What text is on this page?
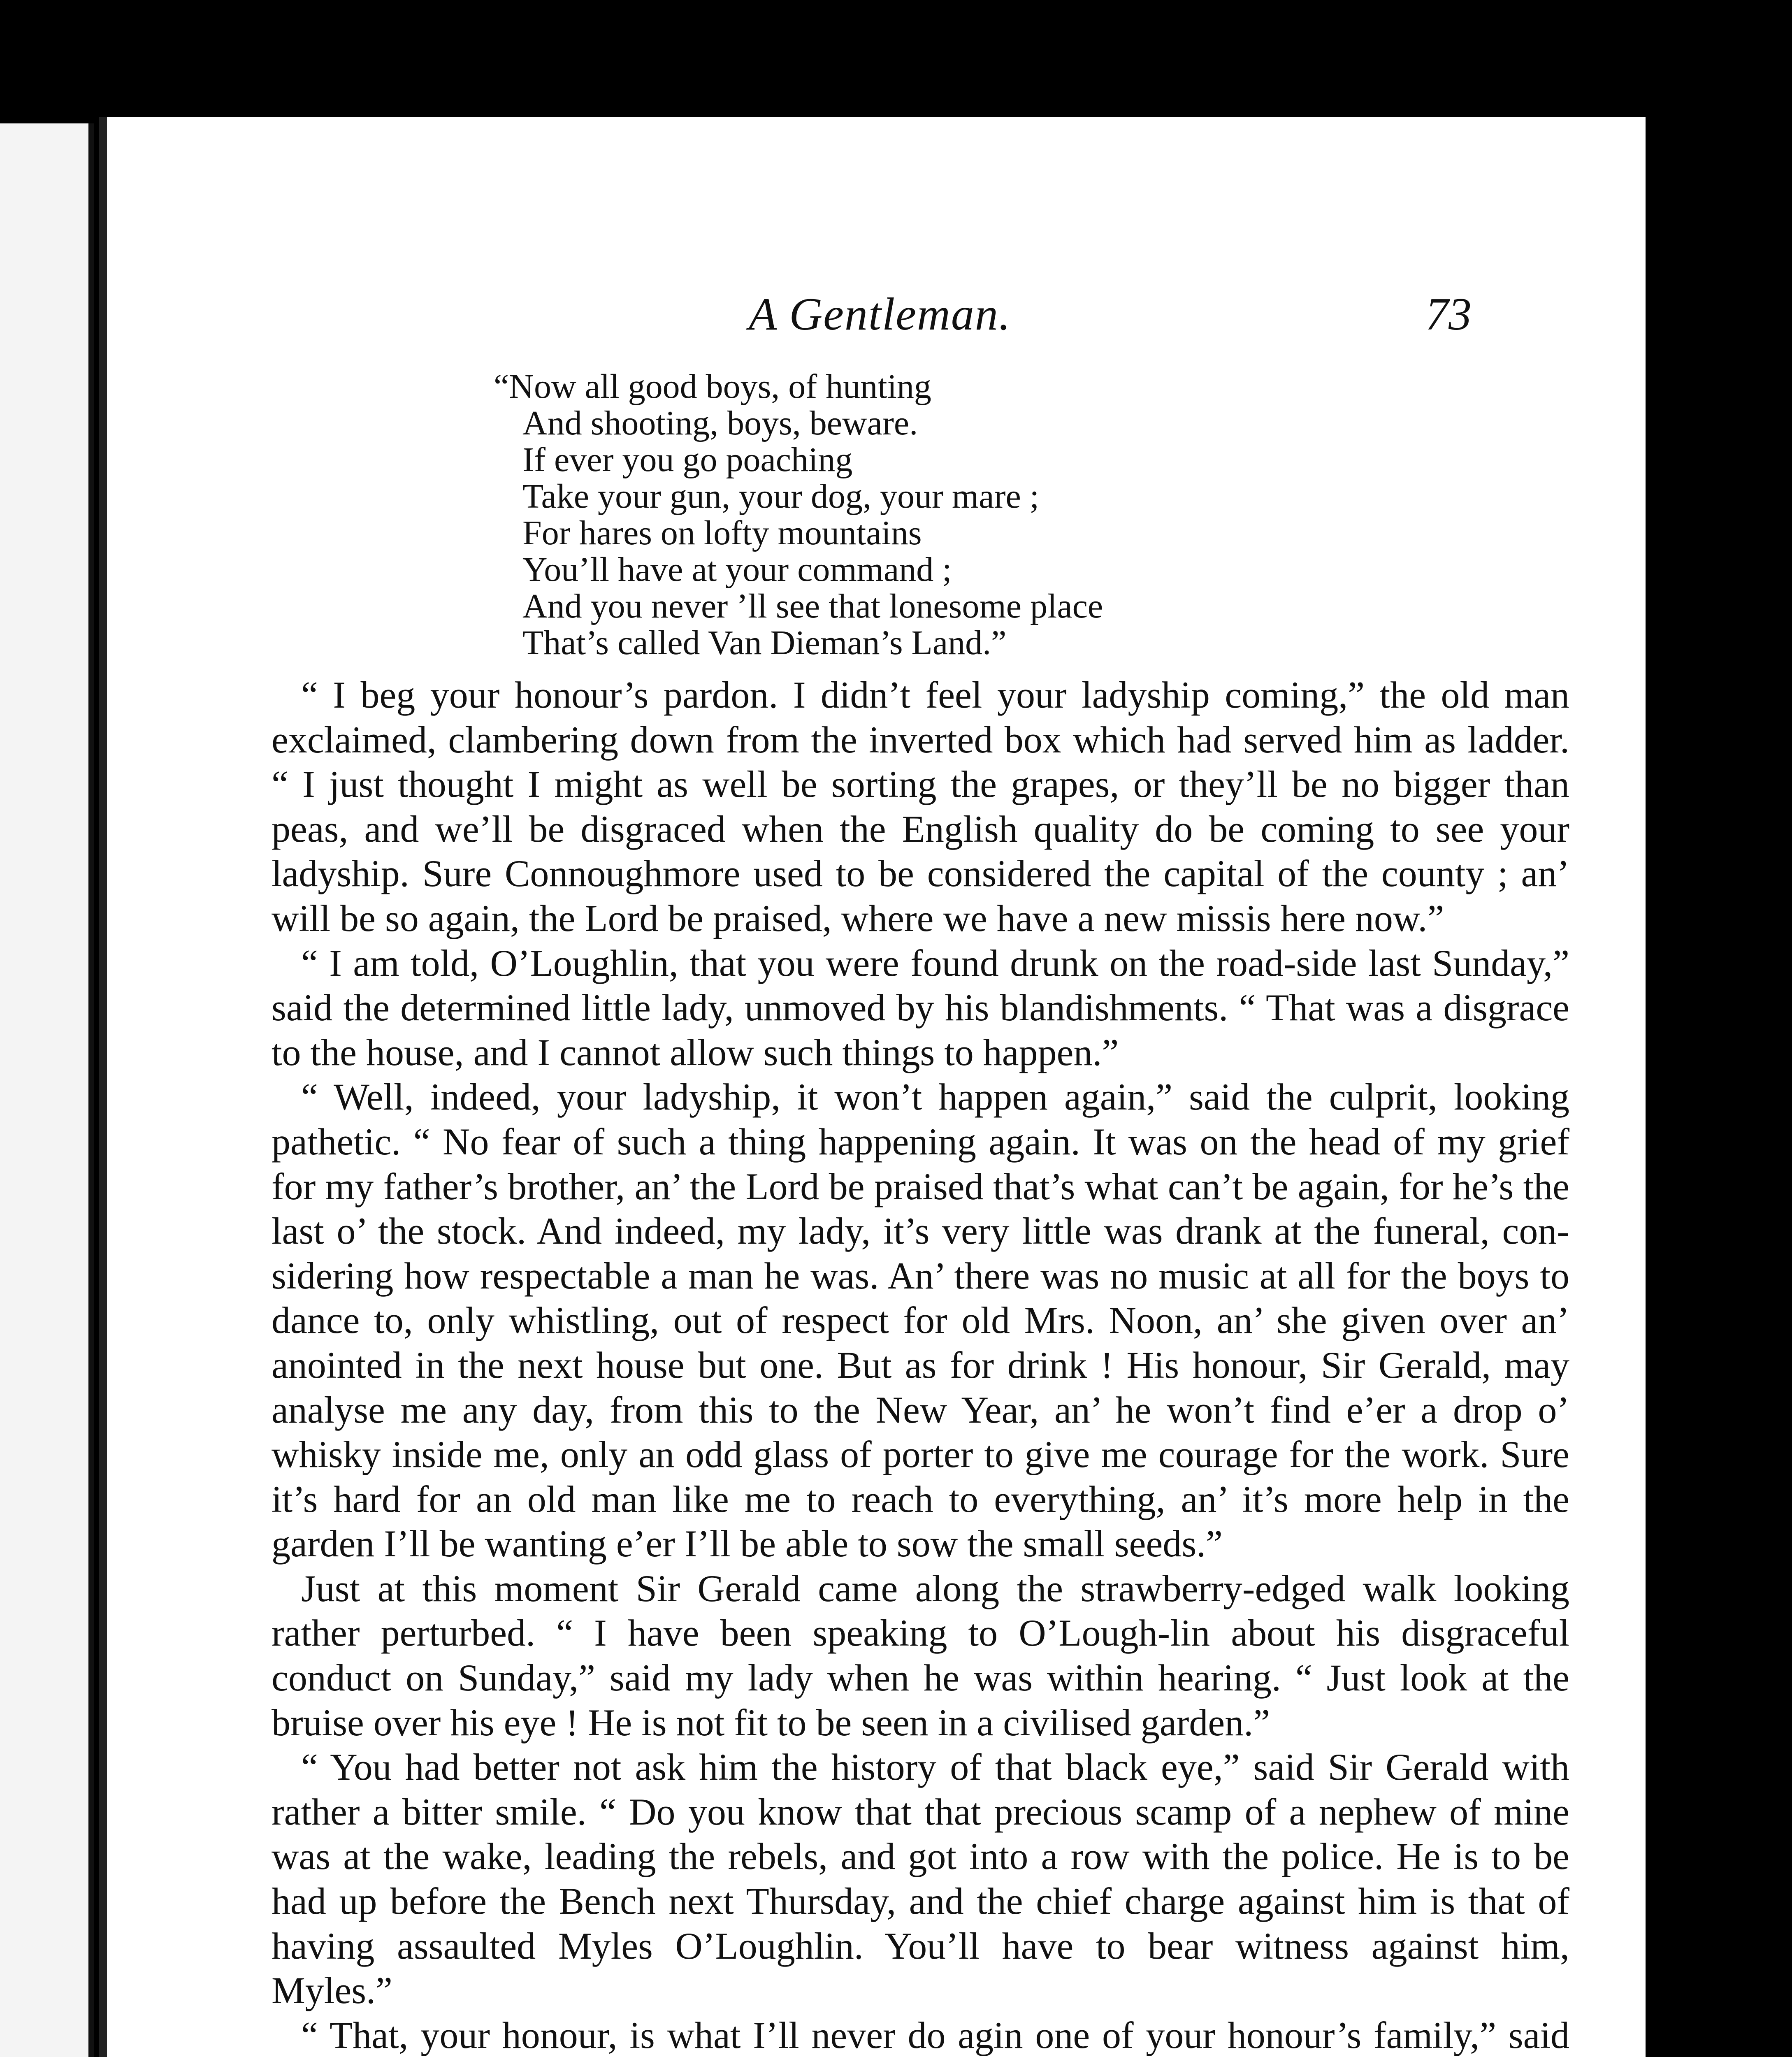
A Gentleman.	73
“Now all good boys, of hunting
And shooting, boys, beware.
If ever you go poaching
Take your gun, your dog, your mare ;
For hares on lofty mountains
You’ll have at your command ;
And you never ’ll see that lonesome place
That’s called Van Dieman’s Land.”

“ I beg your honour’s pardon. I didn’t feel your ladyship coming,” the old man exclaimed, clambering down from the inverted box which had served him as ladder. “ I just thought I might as well be sorting the grapes, or they’ll be no bigger than peas, and we’ll be disgraced when the English quality do be coming to see your ladyship. Sure Connoughmore used to be considered the capital of the county ; an’ will be so again, the Lord be praised, where we have a new missis here now.”

“ I am told, O’Loughlin, that you were found drunk on the road-side last Sunday,” said the determined little lady, unmoved by his blandishments. “ That was a disgrace to the house, and I cannot allow such things to happen.”

“ Well, indeed, your ladyship, it won’t happen again,” said the culprit, looking pathetic. “ No fear of such a thing happening again. It was on the head of my grief for my father’s brother, an’ the Lord be praised that’s what can’t be again, for he’s the last o’ the stock. And indeed, my lady, it’s very little was drank at the funeral, con-sidering how respectable a man he was. An’ there was no music at all for the boys to dance to, only whistling, out of respect for old Mrs. Noon, an’ she given over an’ anointed in the next house but one. But as for drink ! His honour, Sir Gerald, may analyse me any day, from this to the New Year, an’ he won’t find e’er a drop o’ whisky inside me, only an odd glass of porter to give me courage for the work. Sure it’s hard for an old man like me to reach to everything, an’ it’s more help in the garden I’ll be wanting e’er I’ll be able to sow the small seeds.”

Just at this moment Sir Gerald came along the strawberry-edged walk looking rather perturbed. “ I have been speaking to O’Lough-lin about his disgraceful conduct on Sunday,” said my lady when he was within hearing. “ Just look at the bruise over his eye ! He is not fit to be seen in a civilised garden.”

“ You had better not ask him the history of that black eye,” said Sir Gerald with rather a bitter smile. “ Do you know that that precious scamp of a nephew of mine was at the wake, leading the rebels, and got into a row with the police. He is to be had up before the Bench next Thursday, and the chief charge against him is that of having assaulted Myles O’Loughlin. You’ll have to bear witness against him, Myles.”

“ That, your honour, is what I’ll never do agin one of your honour’s family,” said
